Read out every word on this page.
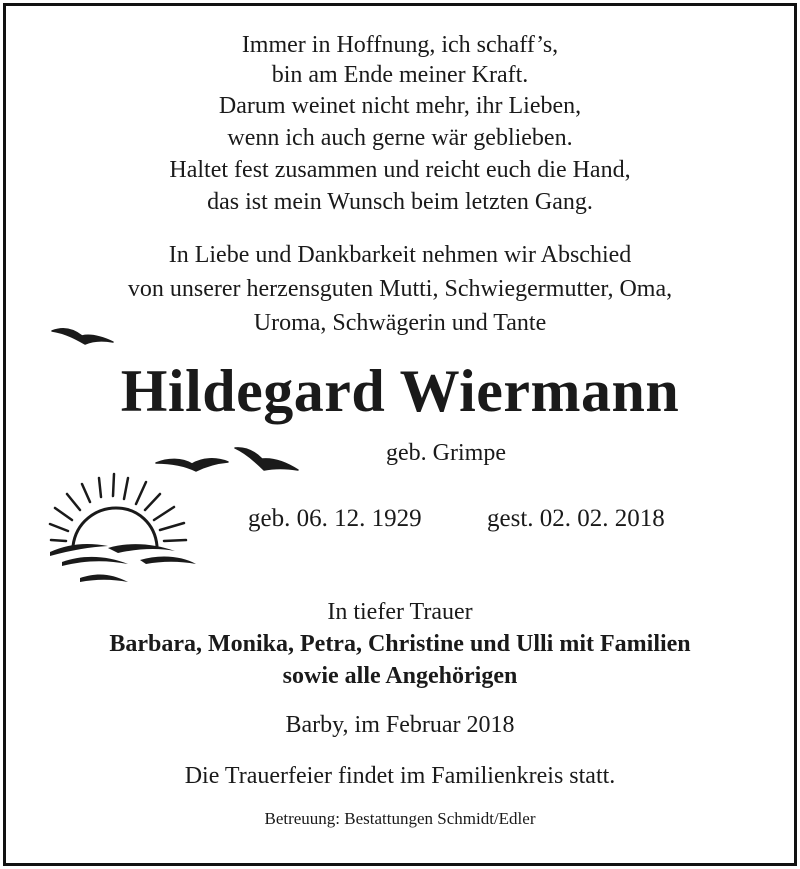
Immer in Hoffnung, ich schaff’s,
bin am Ende meiner Kraft.
Darum weinet nicht mehr, ihr Lieben,
wenn ich auch gerne wär geblieben.
Haltet fest zusammen und reicht euch die Hand,
das ist mein Wunsch beim letzten Gang.
In Liebe und Dankbarkeit nehmen wir Abschied
von unserer herzensguten Mutti, Schwiegermutter, Oma,
Uroma, Schwägerin und Tante
Hildegard Wiermann
geb. Grimpe
geb. 06. 12. 1929	gest. 02. 02. 2018
In tiefer Trauer
Barbara, Monika, Petra, Christine und Ulli mit Familien
sowie alle Angehörigen
Barby, im Februar 2018
Die Trauerfeier findet im Familienkreis statt.
Betreuung: Bestattungen Schmidt/Edler
